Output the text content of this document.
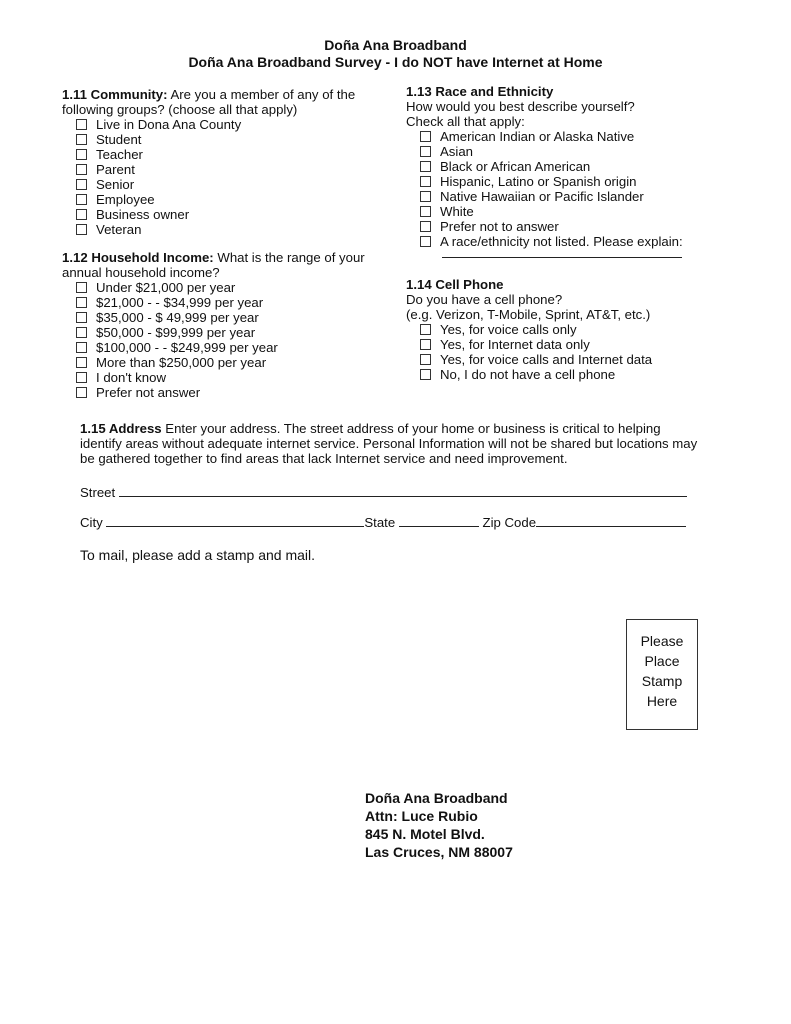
Doña Ana Broadband
Doña Ana Broadband Survey - I do NOT have Internet at Home

1.11 Community: Are you a member of any of the following groups? (choose all that apply)

Live in Dona Ana County
Student
Teacher
Parent
Senior
Employee
Business owner
Veteran

1.12 Household Income: What is the range of your annual household income?

Under $21,000 per year
$21,000 - - $34,999 per year
$35,000 - $ 49,999 per year
$50,000 - $99,999 per year
$100,000 - - $249,999 per year
More than $250,000 per year
I don't know
Prefer not answer

1.13 Race and Ethnicity

How would you best describe yourself?

Check all that apply:

American Indian or Alaska Native
Asian
Black or African American
Hispanic, Latino or Spanish origin
Native Hawaiian or Pacific Islander
White
Prefer not to answer
A race/ethnicity not listed. Please explain:

1.14 Cell Phone

Do you have a cell phone?

(e.g. Verizon, T-Mobile, Sprint, AT&T, etc.)

Yes, for voice calls only
Yes, for Internet data only
Yes, for voice calls and Internet data
No, I do not have a cell phone

1.15 Address Enter your address. The street address of your home or business is critical to helping identify areas without adequate internet service. Personal Information will not be shared but locations may be gathered together to find areas that lack Internet service and need improvement.

Street
City	State	Zip Code
To mail, please add a stamp and mail.
Please
Place
Stamp
Here
Doña Ana Broadband
Attn: Luce Rubio
845 N. Motel Blvd.
Las Cruces, NM 88007
